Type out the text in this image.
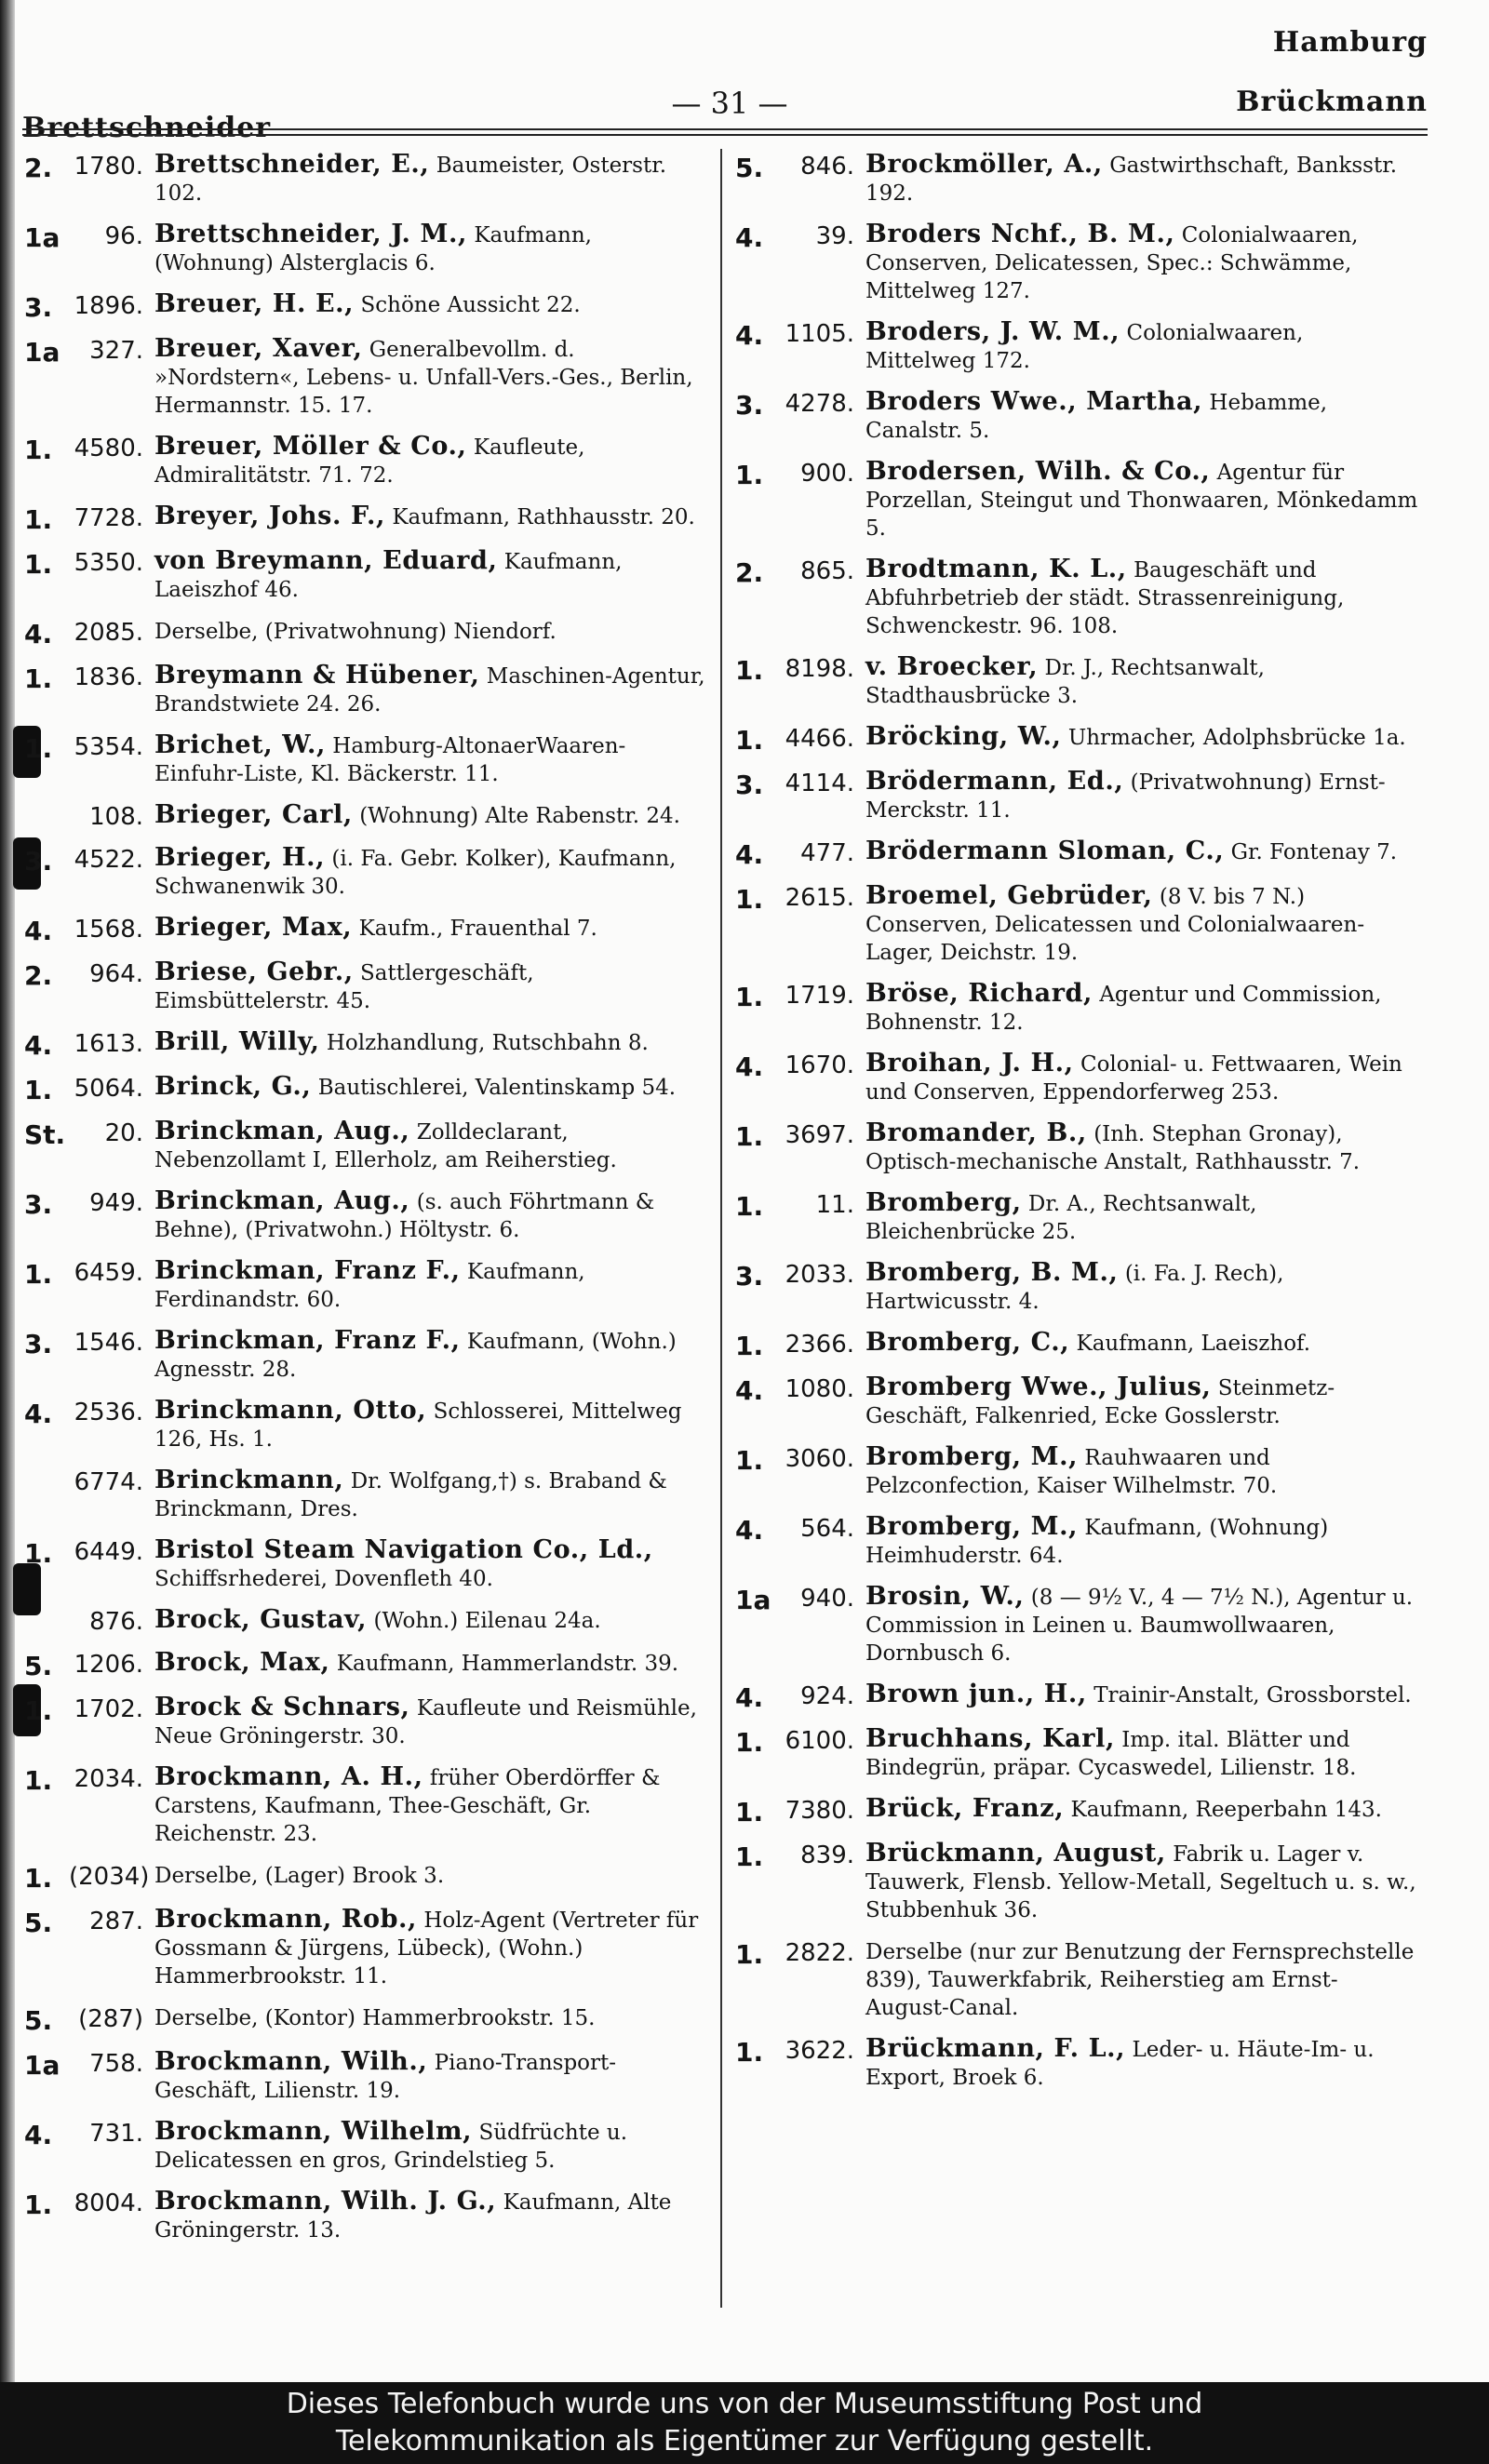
Hamburg
Brettschneider
— 31 —	Brückmann
2. 1780. Brettschneider, E., Baumeister, Osterstr. 102.
1a	96. Brettschneider, J. M., Kaufmann, (Wohnung) Alsterglacis 6.
3. 1896. Breuer, H. E., Schöne Aussicht 22.
1a	327. Breuer, Xaver, Generalbevollm. d. »Nordstern«, Lebens- u. Unfall-Vers.-Ges., Berlin, Hermannstr. 15. 17.
1. 4580. Breuer, Möller & Co., Kaufleute, Admiralitätstr. 71. 72.
1. 7728. Breyer, Johs. F., Kaufmann, Rathhausstr. 20.
1. 5350. von Breymann, Eduard, Kaufmann, Laeiszhof 46.
4. 2085. Derselbe, (Privatwohnung) Niendorf.
1. 1836. Breymann & Hübener, Maschinen-Agentur, Brandstwiete 24. 26.
1. 5354. Brichet, W., Hamburg-AltonaerWaaren-Einfuhr-Liste, Kl. Bäckerstr. 11.
108. Brieger, Carl, (Wohnung) Alte Rabenstr. 24.
3. 4522. Brieger, H., (i. Fa. Gebr. Kolker), Kaufmann, Schwanenwik 30.
4. 1568. Brieger, Max, Kaufm., Frauenthal 7.
2.	964. Briese, Gebr., Sattlergeschäft, Eimsbüttelerstr. 45.
4. 1613. Brill, Willy, Holzhandlung, Rutschbahn 8.
1. 5064. Brinck, G., Bautischlerei, Valentinskamp 54.
St.	20. Brinckman, Aug., Zolldeclarant, Nebenzollamt I, Ellerholz, am Reiherstieg.
3.	949. Brinckman, Aug., (s. auch Föhrtmann & Behne), (Privatwohn.) Höltystr. 6.
1. 6459. Brinckman, Franz F., Kaufmann, Ferdinandstr. 60.
3. 1546. Brinckman, Franz F., Kaufmann, (Wohn.) Agnesstr. 28.
4. 2536. Brinckmann, Otto, Schlosserei, Mittelweg 126, Hs. 1.
6774. Brinckmann, Dr. Wolfgang,†) s. Braband & Brinckmann, Dres.
1. 6449. Bristol Steam Navigation Co., Ld., Schiffsrhederei, Dovenfleth 40.
876. Brock, Gustav, (Wohn.) Eilenau 24a.
5. 1206. Brock, Max, Kaufmann, Hammerlandstr. 39.
1. 1702. Brock & Schnars, Kaufleute und Reismühle, Neue Gröningerstr. 30.
1. 2034. Brockmann, A. H., früher Oberdörffer & Carstens, Kaufmann, Thee-Geschäft, Gr. Reichenstr. 23.
1. (2034) Derselbe, (Lager) Brook 3.
5.	287. Brockmann, Rob., Holz-Agent (Vertreter für Gossmann & Jürgens, Lübeck), (Wohn.) Hammerbrookstr. 11.
5.	(287) Derselbe, (Kontor) Hammerbrookstr. 15.
1a	758. Brockmann, Wilh., Piano-Transport-Geschäft, Lilienstr. 19.
4.	731. Brockmann, Wilhelm, Südfrüchte u. Delicatessen en gros, Grindelstieg 5.
1. 8004. Brockmann, Wilh. J. G., Kaufmann, Alte Gröningerstr. 13.
5.	846. Brockmöller, A., Gastwirthschaft, Banksstr. 192.
4.	39. Broders Nchf., B. M., Colonialwaaren, Conserven, Delicatessen, Spec.: Schwämme, Mittelweg 127.
4. 1105. Broders, J. W. M., Colonialwaaren, Mittelweg 172.
3. 4278. Broders Wwe., Martha, Hebamme, Canalstr. 5.
1.	900. Brodersen, Wilh. & Co., Agentur für Porzellan, Steingut und Thonwaaren, Mönkedamm 5.
2.	865. Brodtmann, K. L., Baugeschäft und Abfuhrbetrieb der städt. Strassenreinigung, Schwenckestr. 96. 108.
1. 8198. v. Broecker, Dr. J., Rechtsanwalt, Stadthausbrücke 3.
1. 4466. Bröcking, W., Uhrmacher, Adolphsbrücke 1a.
3. 4114. Brödermann, Ed., (Privatwohnung) Ernst-Merckstr. 11.
4.	477. Brödermann Sloman, C., Gr. Fontenay 7.
1. 2615. Broemel, Gebrüder, (8 V. bis 7 N.) Conserven, Delicatessen und Colonialwaaren-Lager, Deichstr. 19.
1. 1719. Bröse, Richard, Agentur und Commission, Bohnenstr. 12.
4. 1670. Broihan, J. H., Colonial- u. Fettwaaren, Wein und Conserven, Eppendorferweg 253.
1. 3697. Bromander, B., (Inh. Stephan Gronay), Optisch-mechanische Anstalt, Rathhausstr. 7.
1.	11. Bromberg, Dr. A., Rechtsanwalt, Bleichenbrücke 25.
3. 2033. Bromberg, B. M., (i. Fa. J. Rech), Hartwicusstr. 4.
1. 2366. Bromberg, C., Kaufmann, Laeiszhof.
4. 1080. Bromberg Wwe., Julius, Steinmetz-Geschäft, Falkenried, Ecke Gosslerstr.
1. 3060. Bromberg, M., Rauhwaaren und Pelzconfection, Kaiser Wilhelmstr. 70.
4.	564. Bromberg, M., Kaufmann, (Wohnung) Heimhuderstr. 64.
1a	940. Brosin, W., (8 — 9½ V., 4 — 7½ N.), Agentur u. Commission in Leinen u. Baumwollwaaren, Dornbusch 6.
4.	924. Brown jun., H., Trainir-Anstalt, Grossborstel.
1. 6100. Bruchhans, Karl, Imp. ital. Blätter und Bindegrün, präpar. Cycaswedel, Lilienstr. 18.
1. 7380. Brück, Franz, Kaufmann, Reeperbahn 143.
1.	839. Brückmann, August, Fabrik u. Lager v. Tauwerk, Flensb. Yellow-Metall, Segeltuch u. s. w., Stubbenhuk 36.
1. 2822. Derselbe (nur zur Benutzung der Fernsprechstelle 839), Tauwerkfabrik, Reiherstieg am Ernst-August-Canal.
1. 3622. Brückmann, F. L., Leder- u. Häute-Im- u. Export, Broek 6.
Dieses Telefonbuch wurde uns von der Museumsstiftung Post und
Telekommunikation als Eigentümer zur Verfügung gestellt.
